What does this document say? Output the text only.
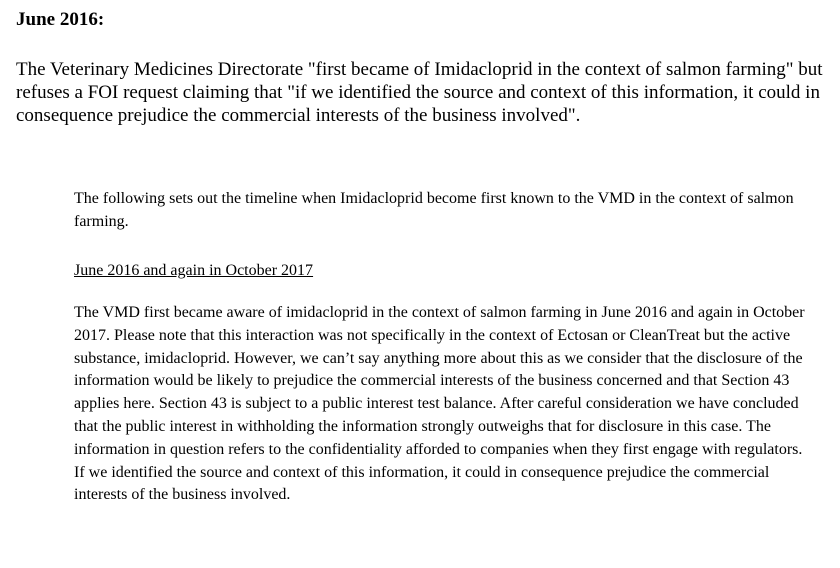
June 2016:

The Veterinary Medicines Directorate "first became of Imidacloprid in the context of salmon farming" but refuses a FOI request claiming that "if we identified the source and context of this information, it could in consequence prejudice the commercial interests of the business involved".

The following sets out the timeline when Imidacloprid become first known to the VMD in the context of salmon farming.

June 2016 and again in October 2017

The VMD first became aware of imidacloprid in the context of salmon farming in June 2016 and again in October 2017. Please note that this interaction was not specifically in the context of Ectosan or CleanTreat but the active substance, imidacloprid. However, we can’t say anything more about this as we consider that the disclosure of the information would be likely to prejudice the commercial interests of the business concerned and that Section 43 applies here. Section 43 is subject to a public interest test balance. After careful consideration we have concluded that the public interest in withholding the information strongly outweighs that for disclosure in this case. The information in question refers to the confidentiality afforded to companies when they first engage with regulators. If we identified the source and context of this information, it could in consequence prejudice the commercial interests of the business involved.
